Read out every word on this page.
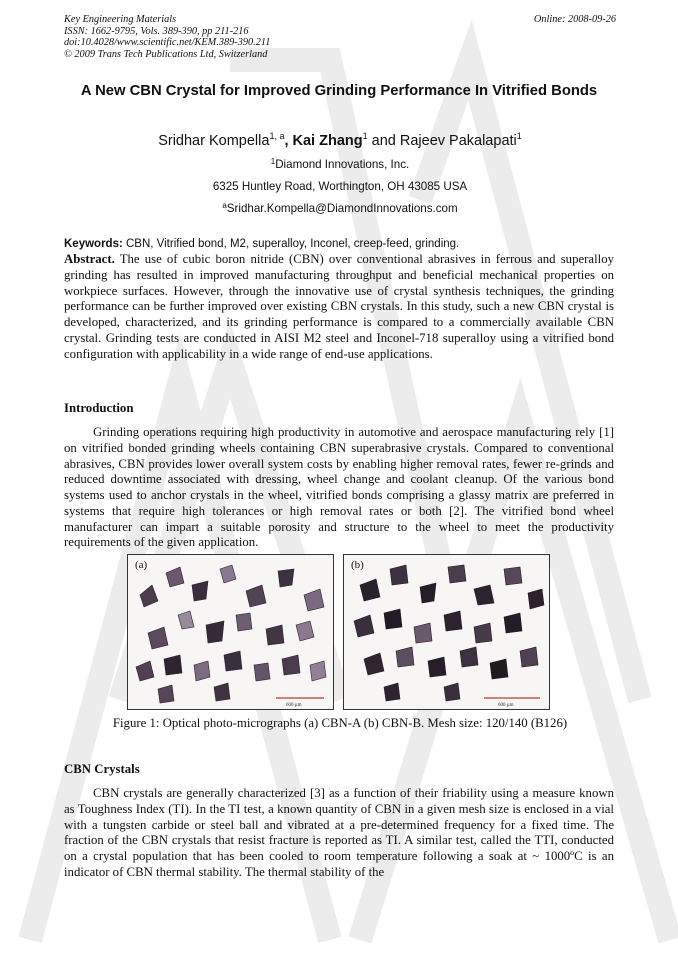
Key Engineering Materials
ISSN: 1662-9795, Vols. 389-390, pp 211-216
doi:10.4028/www.scientific.net/KEM.389-390.211
© 2009 Trans Tech Publications Ltd, Switzerland
Online: 2008-09-26
A New CBN Crystal for Improved Grinding Performance In Vitrified Bonds
Sridhar Kompella$^{1, a}$, Kai Zhang$^1$ and Rajeev Pakalapati$^1$
$^1$Diamond Innovations, Inc.
6325 Huntley Road, Worthington, OH 43085 USA
$^a$Sridhar.Kompella@DiamondInnovations.com
Keywords: CBN, Vitrified bond, M2, superalloy, Inconel, creep-feed, grinding.
Abstract. The use of cubic boron nitride (CBN) over conventional abrasives in ferrous and superalloy grinding has resulted in improved manufacturing throughput and beneficial mechanical properties on workpiece surfaces. However, through the innovative use of crystal synthesis techniques, the grinding performance can be further improved over existing CBN crystals. In this study, such a new CBN crystal is developed, characterized, and its grinding performance is compared to a commercially available CBN crystal. Grinding tests are conducted in AISI M2 steel and Inconel-718 superalloy using a vitrified bond configuration with applicability in a wide range of end-use applications.
Introduction
Grinding operations requiring high productivity in automotive and aerospace manufacturing rely [1] on vitrified bonded grinding wheels containing CBN superabrasive crystals. Compared to conventional abrasives, CBN provides lower overall system costs by enabling higher removal rates, fewer re-grinds and reduced downtime associated with dressing, wheel change and coolant cleanup. Of the various bond systems used to anchor crystals in the wheel, vitrified bonds comprising a glassy matrix are preferred in systems that require high tolerances or high removal rates or both [2]. The vitrified bond wheel manufacturer can impart a suitable porosity and structure to the wheel to meet the productivity requirements of the given application.
600 µm
(a)
600 µm
(b)
Figure 1: Optical photo-micrographs (a) CBN-A (b) CBN-B. Mesh size: 120/140 (B126)
CBN Crystals
CBN crystals are generally characterized [3] as a function of their friability using a measure known as Toughness Index (TI). In the TI test, a known quantity of CBN in a given mesh size is enclosed in a vial with a tungsten carbide or steel ball and vibrated at a pre-determined frequency for a fixed time. The fraction of the CBN crystals that resist fracture is reported as TI. A similar test, called the TTI, conducted on a crystal population that has been cooled to room temperature following a soak at ~ 1000ºC is an indicator of CBN thermal stability. The thermal stability of the
